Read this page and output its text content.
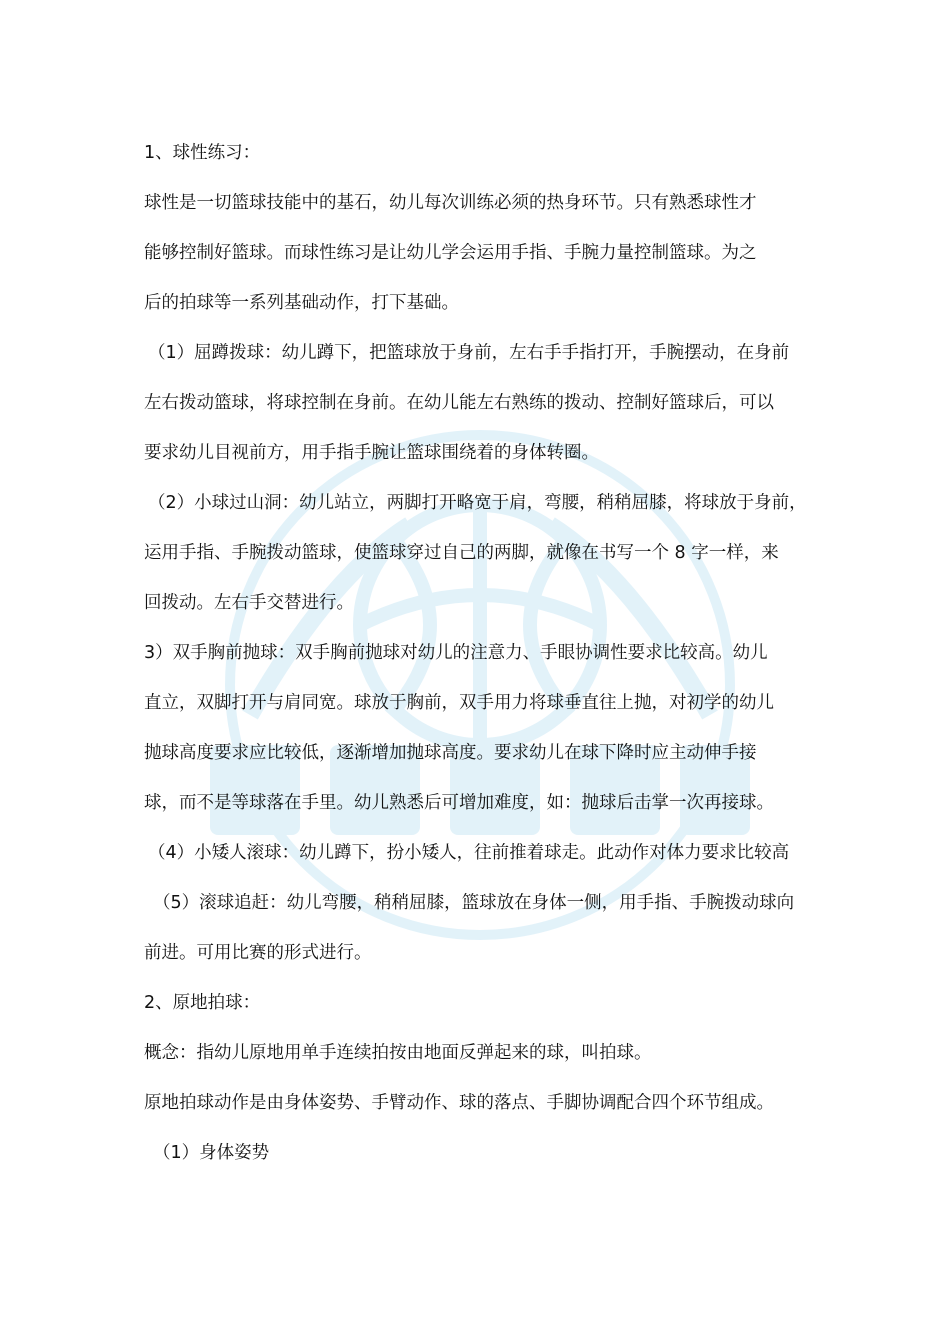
1、球性练习：

球性是一切篮球技能中的基石，幼儿每次训练必须的热身环节。只有熟悉球性才

能够控制好篮球。而球性练习是让幼儿学会运用手指、手腕力量控制篮球。为之

后的拍球等一系列基础动作，打下基础。

（1）屈蹲拨球：幼儿蹲下，把篮球放于身前，左右手手指打开，手腕摆动，在身前

左右拨动篮球，将球控制在身前。在幼儿能左右熟练的拨动、控制好篮球后，可以

要求幼儿目视前方，用手指手腕让篮球围绕着的身体转圈。

（2）小球过山洞：幼儿站立，两脚打开略宽于肩，弯腰，稍稍屈膝，将球放于身前，

运用手指、手腕拨动篮球，使篮球穿过自己的两脚，就像在书写一个 8 字一样，来

回拨动。左右手交替进行。

3）双手胸前抛球：双手胸前抛球对幼儿的注意力、手眼协调性要求比较高。幼儿

直立，双脚打开与肩同宽。球放于胸前，双手用力将球垂直往上抛，对初学的幼儿

抛球高度要求应比较低，逐渐增加抛球高度。要求幼儿在球下降时应主动伸手接

球，而不是等球落在手里。幼儿熟悉后可增加难度，如：抛球后击掌一次再接球。

（4）小矮人滚球：幼儿蹲下，扮小矮人，往前推着球走。此动作对体力要求比较高

（5）滚球追赶：幼儿弯腰，稍稍屈膝，篮球放在身体一侧，用手指、手腕拨动球向

前进。可用比赛的形式进行。

2、原地拍球：

概念：指幼儿原地用单手连续拍按由地面反弹起来的球，叫拍球。

原地拍球动作是由身体姿势、手臂动作、球的落点、手脚协调配合四个环节组成。

（1）身体姿势
